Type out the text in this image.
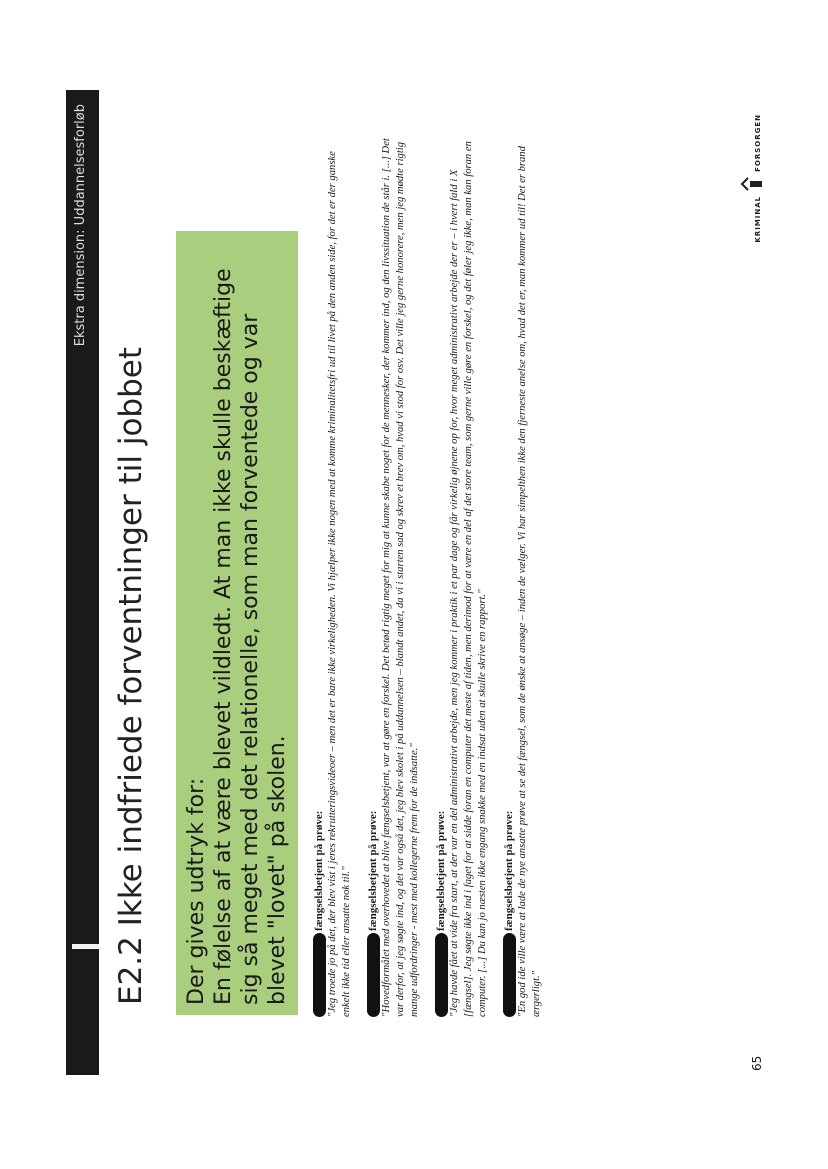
Ekstra dimension: Uddannelsesforløb
E2.2 Ikke indfriede forventninger til jobbet Der gives udtryk for: En følelse af at være blevet vildledt. At man ikke skulle beskæftige sig så meget med det relationelle, som man forventede og var blevet "lovet" på skolen.	fængselsbetjent på prøve: "Jeg troede jo på det, der blev vist i jeres rekrutteringsvideoer – men det er bare ikke virkeligheden. Vi hjælper ikke nogen med at komme kriminalitetsfri ud til livet på den anden side, for det er der ganske enkelt ikke tid eller ansatte nok til." fængselsbetjent på prøve: "Hovedformålet med overhovedet at blive fængselsbetjent, var at gøre en forskel. Det betød rigtig meget for mig at kunne skabe noget for de mennesker, der kommer ind, og den livssituation de står i. [...] Det var derfor, at jeg søgte ind, og det var også det, jeg blev skolet i på uddannelsen – blandt andet, da vi i starten sad og skrev et brev om, hvad vi stod for osv. Det ville jeg gerne honorere, men jeg mødte rigtig mange udfordringer - mest med kollegerne frem for de indsatte." fængselsbetjent på prøve: "Jeg havde fået at vide fra start, at der var en del administrativt arbejde, men jeg kommer i praktik i et par dage og får virkelig øjnene op for, hvor meget administrativt arbejde der er – i hvert fald i X [fængsel]. Jeg søgte ikke ind i faget for at sidde foran en computer det meste af tiden, men derimod for at være en del af det store team, som gerne ville gøre en forskel, og det føler jeg ikke, man kan foran en computer. [...] Du kan jo næsten ikke engang snakke med en indsat uden at skulle skrive en rapport." fængselsbetjent på prøve: "En god ide ville være at lade de nye ansatte prøve at se det fængsel, som de ønske at ansøge – inden de vælger. Vi har simpelthen ikke den fjerneste anelse om, hvad det er, man kommer ud til! Det er brand ærgerligt."

65
KRIMINAL
FORSORGEN
